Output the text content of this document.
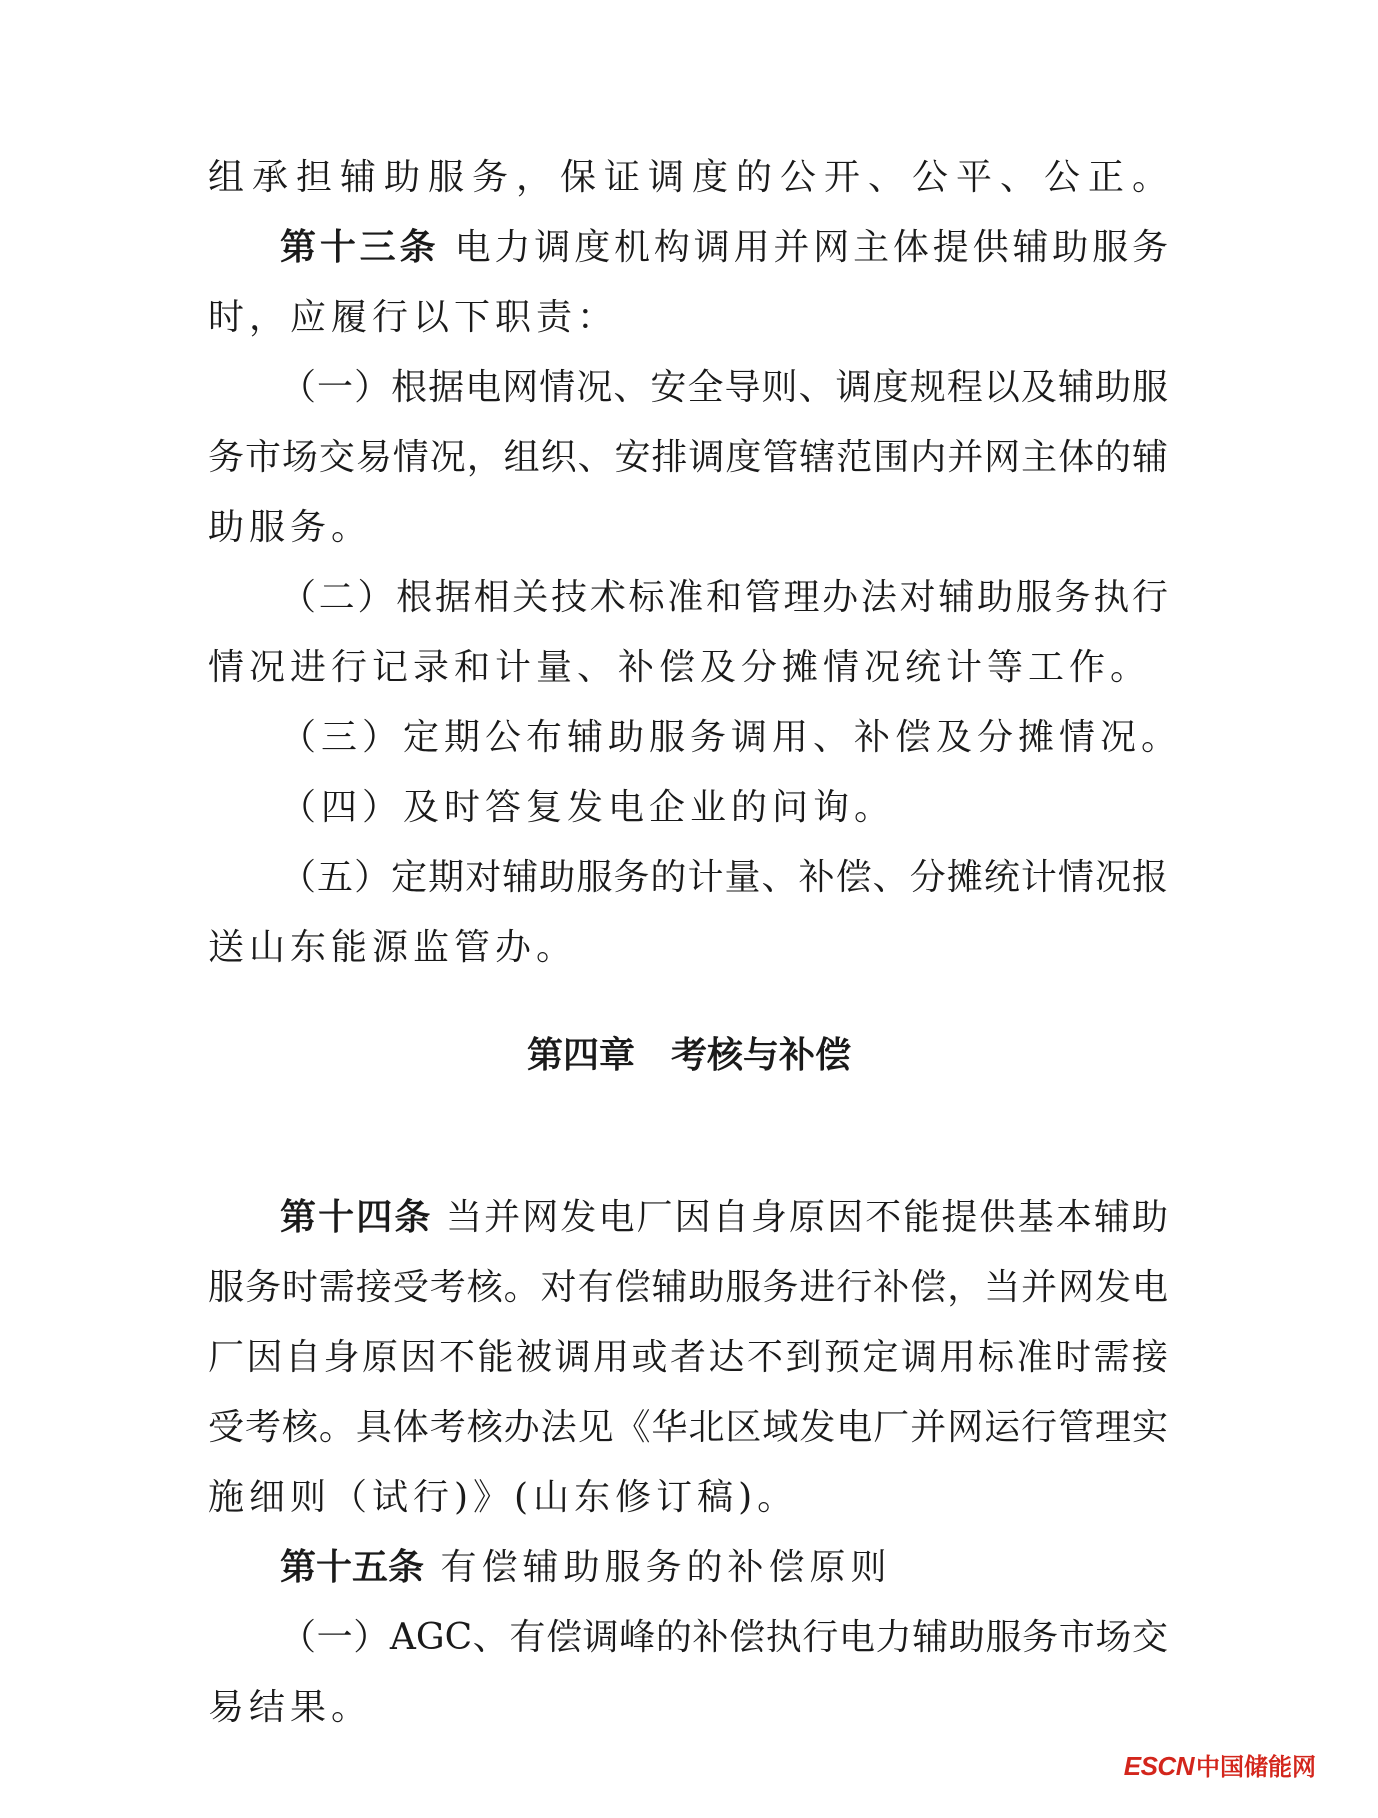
组承担辅助服务，保证调度的公开、公平、公正。
第十三条 电力调度机构调用并网主体提供辅助服务
时，应履行以下职责：
（一）根据电网情况、安全导则、调度规程以及辅助服
务市场交易情况，组织、安排调度管辖范围内并网主体的辅
助服务。
（二）根据相关技术标准和管理办法对辅助服务执行
情况进行记录和计量、补偿及分摊情况统计等工作。
（三）定期公布辅助服务调用、补偿及分摊情况。
（四）及时答复发电企业的问询。
（五）定期对辅助服务的计量、补偿、分摊统计情况报
送山东能源监管办。
第四章 考核与补偿
第十四条 当并网发电厂因自身原因不能提供基本辅助
服务时需接受考核。对有偿辅助服务进行补偿，当并网发电
厂因自身原因不能被调用或者达不到预定调用标准时需接
受考核。具体考核办法见《华北区域发电厂并网运行管理实
施细则（试行)》(山东修订稿)。
第十五条 有偿辅助服务的补偿原则
（一）AGC、有偿调峰的补偿执行电力辅助服务市场交
易结果。
ESCN中国储能网
